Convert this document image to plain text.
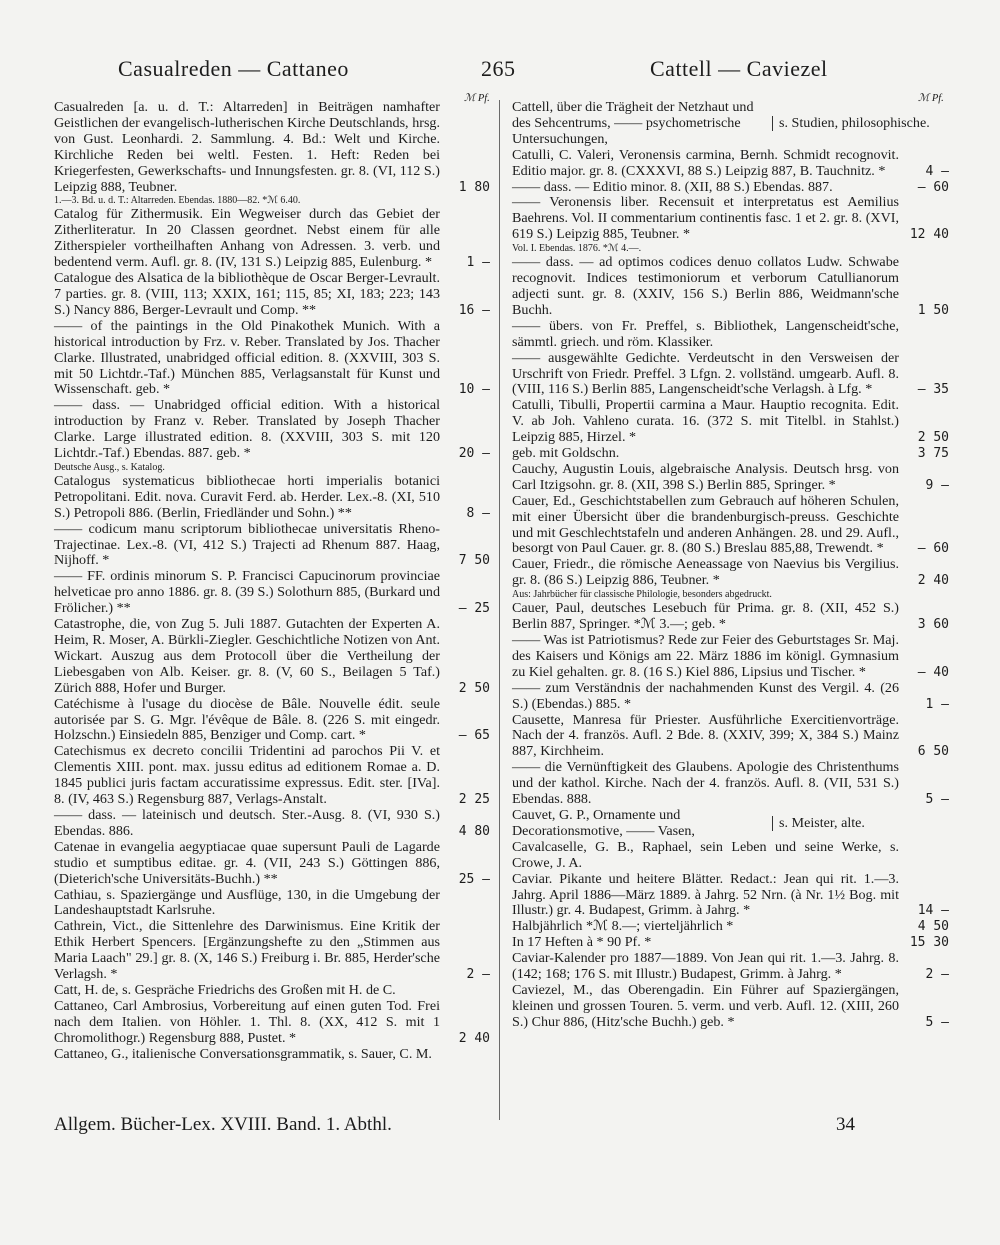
Casualreden — Cattaneo	265	Cattell — Caviezel
ℳ Pf.	ℳ Pf.
Casualreden [a. u. d. T.: Altarreden] in Beiträgen namhafter Geistlichen der evangelisch-lutherischen Kirche Deutschlands, hrsg. von Gust. Leonhardi. 2. Sammlung. 4. Bd.: Welt und Kirche. Kirchliche Reden bei weltl. Festen. 1. Heft: Reden bei Kriegerfesten, Gewerkschafts- und Innungsfesten. gr. 8. (VI, 112 S.) Leipzig 888, Teubner.	1 80
1.—3. Bd. u. d. T.: Altarreden. Ebendas. 1880—82. *ℳ 6.40.
Catalog für Zithermusik. Ein Wegweiser durch das Gebiet der Zitherliteratur. In 20 Classen geordnet. Nebst einem für alle Zitherspieler vortheilhaften Anhang von Adressen. 3. verb. und bedentend verm. Aufl. gr. 8. (IV, 131 S.) Leipzig 885, Eulenburg. *	1 —
Catalogue des Alsatica de la bibliothèque de Oscar Berger-Levrault. 7 parties. gr. 8. (VIII, 113; XXIX, 161; 115, 85; XI, 183; 223; 143 S.) Nancy 886, Berger-Levrault und Comp. **	16 —
—— of the paintings in the Old Pinakothek Munich. With a historical introduction by Frz. v. Reber. Translated by Jos. Thacher Clarke. Illustrated, unabridged official edition. 8. (XXVIII, 303 S. mit 50 Lichtdr.-Taf.) München 885, Verlagsanstalt für Kunst und Wissenschaft. geb. *	10 —
—— dass. — Unabridged official edition. With a historical introduction by Franz v. Reber. Translated by Joseph Thacher Clarke. Large illustrated edition. 8. (XXVIII, 303 S. mit 120 Lichtdr.-Taf.) Ebendas. 887. geb. *	20 —
Deutsche Ausg., s. Katalog.
Catalogus systematicus bibliothecae horti imperialis botanici Petropolitani. Edit. nova. Curavit Ferd. ab. Herder. Lex.-8. (XI, 510 S.) Petropoli 886. (Berlin, Friedländer und Sohn.) **	8 —
—— codicum manu scriptorum bibliothecae universitatis Rheno-Trajectinae. Lex.-8. (VI, 412 S.) Trajecti ad Rhenum 887. Haag, Nijhoff. *	7 50
—— FF. ordinis minorum S. P. Francisci Capucinorum provinciae helveticae pro anno 1886. gr. 8. (39 S.) Solothurn 885, (Burkard und Frölicher.) **	— 25
Catastrophe, die, von Zug 5. Juli 1887. Gutachten der Experten A. Heim, R. Moser, A. Bürkli-Ziegler. Geschichtliche Notizen von Ant. Wickart. Auszug aus dem Protocoll über die Vertheilung der Liebesgaben von Alb. Keiser. gr. 8. (V, 60 S., Beilagen 5 Taf.) Zürich 888, Hofer und Burger.	2 50
Catéchisme à l'usage du diocèse de Bâle. Nouvelle édit. seule autorisée par S. G. Mgr. l'évêque de Bâle. 8. (226 S. mit eingedr. Holzschn.) Einsiedeln 885, Benziger und Comp. cart. *	— 65
Catechismus ex decreto concilii Tridentini ad parochos Pii V. et Clementis XIII. pont. max. jussu editus ad editionem Romae a. D. 1845 publici juris factam accuratissime expressus. Edit. ster. [IVa]. 8. (IV, 463 S.) Regensburg 887, Verlags-Anstalt.	2 25
—— dass. — lateinisch und deutsch. Ster.-Ausg. 8. (VI, 930 S.) Ebendas. 886.	4 80
Catenae in evangelia aegyptiacae quae supersunt Pauli de Lagarde studio et sumptibus editae. gr. 4. (VII, 243 S.) Göttingen 886, (Dieterich'sche Universitäts-Buchh.) **	25 —
Cathiau, s. Spaziergänge und Ausflüge, 130, in die Umgebung der Landeshauptstadt Karlsruhe.
Cathrein, Vict., die Sittenlehre des Darwinismus. Eine Kritik der Ethik Herbert Spencers. [Ergänzungshefte zu den „Stimmen aus Maria Laach" 29.] gr. 8. (X, 146 S.) Freiburg i. Br. 885, Herder'sche Verlagsh. *	2 —
Catt, H. de, s. Gespräche Friedrichs des Großen mit H. de C.
Cattaneo, Carl Ambrosius, Vorbereitung auf einen guten Tod. Frei nach dem Italien. von Höhler. 1. Thl. 8. (XX, 412 S. mit 1 Chromolithogr.) Regensburg 888, Pustet. *	2 40
Cattaneo, G., italienische Conversationsgrammatik, s. Sauer, C. M.
Cattell, über die Trägheit der Netzhaut und des Sehcentrums, —— psychometrische Untersuchungen,
s. Studien, philosophische.
Catulli, C. Valeri, Veronensis carmina, Bernh. Schmidt recognovit. Editio major. gr. 8. (CXXXVI, 88 S.) Leipzig 887, B. Tauchnitz. *	4 —
—— dass. — Editio minor. 8. (XII, 88 S.) Ebendas. 887.	— 60
—— Veronensis liber. Recensuit et interpretatus est Aemilius Baehrens. Vol. II commentarium continentis fasc. 1 et 2. gr. 8. (XVI, 619 S.) Leipzig 885, Teubner. *	12 40
Vol. I. Ebendas. 1876. *ℳ 4.—.
—— dass. — ad optimos codices denuo collatos Ludw. Schwabe recognovit. Indices testimoniorum et verborum Catullianorum adjecti sunt. gr. 8. (XXIV, 156 S.) Berlin 886, Weidmann'sche Buchh.	1 50
—— übers. von Fr. Preffel, s. Bibliothek, Langenscheidt'sche, sämmtl. griech. und röm. Klassiker.
—— ausgewählte Gedichte. Verdeutscht in den Versweisen der Urschrift von Friedr. Preffel. 3 Lfgn. 2. vollständ. umgearb. Aufl. 8. (VIII, 116 S.) Berlin 885, Langenscheidt'sche Verlagsh. à Lfg. *	— 35
Catulli, Tibulli, Propertii carmina a Maur. Hauptio recognita. Edit. V. ab Joh. Vahleno curata. 16. (372 S. mit Titelbl. in Stahlst.) Leipzig 885, Hirzel. *	2 50
geb. mit Goldschn.	3 75
Cauchy, Augustin Louis, algebraische Analysis. Deutsch hrsg. von Carl Itzigsohn. gr. 8. (XII, 398 S.) Berlin 885, Springer. *	9 —
Cauer, Ed., Geschichtstabellen zum Gebrauch auf höheren Schulen, mit einer Übersicht über die brandenburgisch-preuss. Geschichte und mit Geschlechtstafeln und anderen Anhängen. 28. und 29. Aufl., besorgt von Paul Cauer. gr. 8. (80 S.) Breslau 885,88, Trewendt. *	— 60
Cauer, Friedr., die römische Aeneassage von Naevius bis Vergilius. gr. 8. (86 S.) Leipzig 886, Teubner. *	2 40
Aus: Jahrbücher für classische Philologie, besonders abgedruckt.
Cauer, Paul, deutsches Lesebuch für Prima. gr. 8. (XII, 452 S.) Berlin 887, Springer. *ℳ 3.—; geb. *	3 60
—— Was ist Patriotismus? Rede zur Feier des Geburtstages Sr. Maj. des Kaisers und Königs am 22. März 1886 im königl. Gymnasium zu Kiel gehalten. gr. 8. (16 S.) Kiel 886, Lipsius und Tischer. *	— 40
—— zum Verständnis der nachahmenden Kunst des Vergil. 4. (26 S.) (Ebendas.) 885. *	1 —
Causette, Manresa für Priester. Ausführliche Exercitienvorträge. Nach der 4. französ. Aufl. 2 Bde. 8. (XXIV, 399; X, 384 S.) Mainz 887, Kirchheim.	6 50
—— die Vernünftigkeit des Glaubens. Apologie des Christenthums und der kathol. Kirche. Nach der 4. französ. Aufl. 8. (VII, 531 S.) Ebendas. 888.	5 —
Cauvet, G. P., Ornamente und Decorationsmotive, —— Vasen,	s. Meister, alte.
Cavalcaselle, G. B., Raphael, sein Leben und seine Werke, s. Crowe, J. A.
Caviar. Pikante und heitere Blätter. Redact.: Jean qui rit. 1.—3. Jahrg. April 1886—März 1889. à Jahrg. 52 Nrn. (à Nr. 1½ Bog. mit Illustr.) gr. 4. Budapest, Grimm. à Jahrg. *	14 —
Halbjährlich *ℳ 8.—; vierteljährlich *	4 50
In 17 Heften à * 90 Pf. *	15 30
Caviar-Kalender pro 1887—1889. Von Jean qui rit. 1.—3. Jahrg. 8. (142; 168; 176 S. mit Illustr.) Budapest, Grimm. à Jahrg. *	2 —
Caviezel, M., das Oberengadin. Ein Führer auf Spaziergängen, kleinen und grossen Touren. 5. verm. und verb. Aufl. 12. (XIII, 260 S.) Chur 886, (Hitz'sche Buchh.) geb. *	5 —
Allgem. Bücher-Lex. XVIII. Band. 1. Abthl.	34
